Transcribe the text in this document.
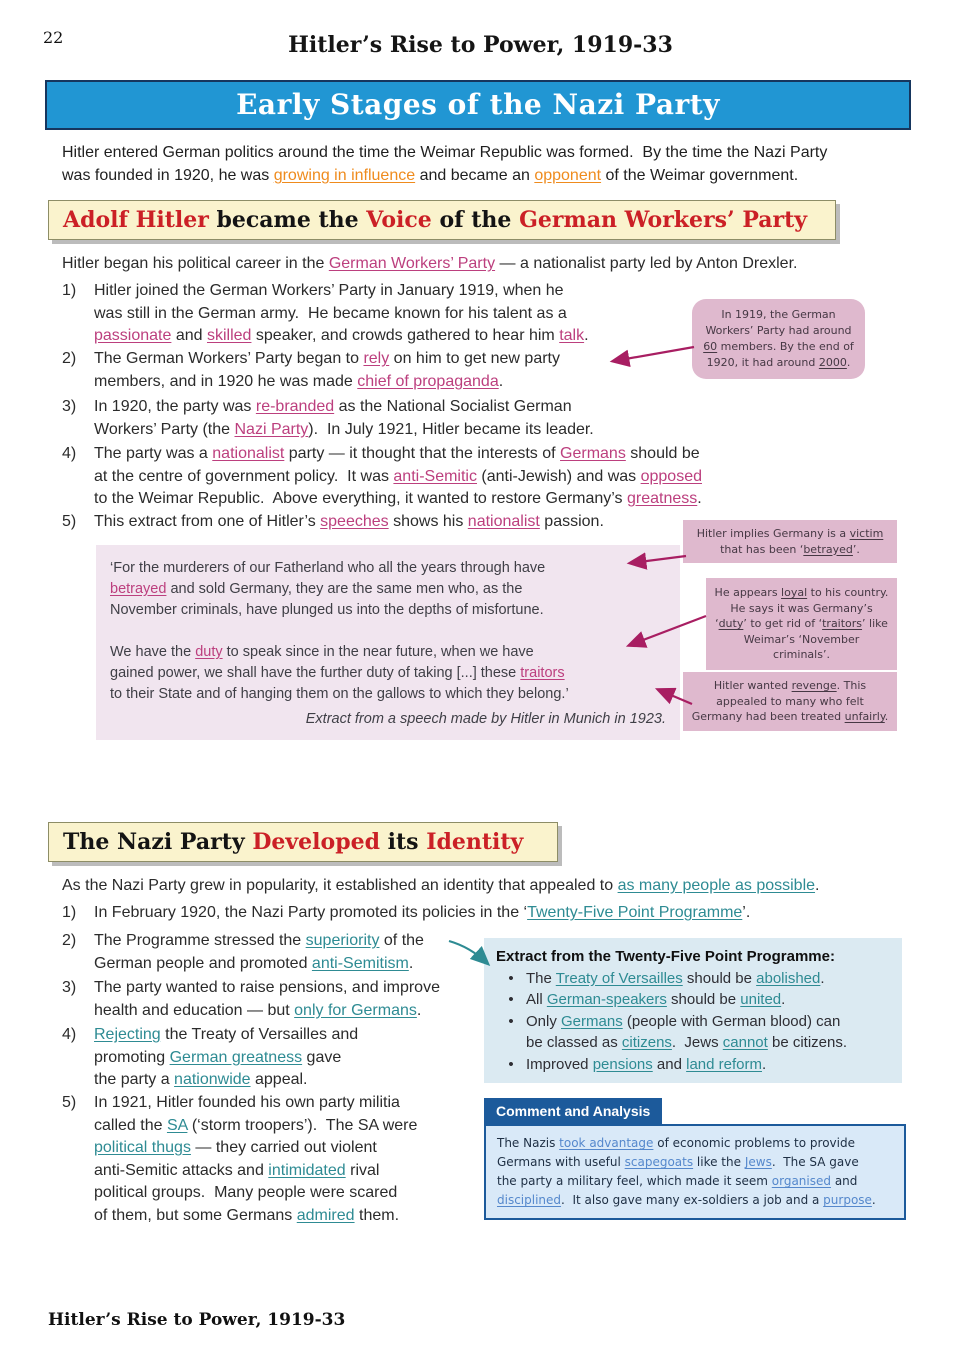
22	Hitler’s Rise to Power, 1919-33
Early Stages of the Nazi Party
Hitler entered German politics around the time the Weimar Republic was formed.  By the time the Nazi Party
was founded in 1920, he was growing in influence and became an opponent of the Weimar government.
Adolf Hitler became the Voice of the German Workers’ Party
Hitler began his political career in the German Workers’ Party — a nationalist party led by Anton Drexler.
1)	Hitler joined the German Workers’ Party in January 1919, when he
was still in the German army.  He became known for his talent as a
passionate and skilled speaker, and crowds gathered to hear him talk.
2)	The German Workers’ Party began to rely on him to get new party
members, and in 1920 he was made chief of propaganda.
3)	In 1920, the party was re-branded as the National Socialist German
Workers’ Party (the Nazi Party).  In July 1921, Hitler became its leader.
4)	The party was a nationalist party — it thought that the interests of Germans should be
at the centre of government policy.  It was anti-Semitic (anti-Jewish) and was opposed
to the Weimar Republic.  Above everything, it wanted to restore Germany’s greatness.
5)	This extract from one of Hitler’s speeches shows his nationalist passion.
In 1919, the German Workers’ Party had around 60 members. By the end of 1920, it had around 2000.
‘For the murderers of our Fatherland who all the years through have
betrayed and sold Germany, they are the same men who, as the
November criminals, have plunged us into the depths of misfortune.
We have the duty to speak since in the near future, when we have
gained power, we shall have the further duty of taking [...] these traitors
to their State and of hanging them on the gallows to which they belong.’
Extract from a speech made by Hitler in Munich in 1923.
Hitler implies Germany is a victim that has been ‘betrayed’.
He appears loyal to his country. He says it was Germany’s ‘duty’ to get rid of ‘traitors’ like Weimar’s ‘November criminals’.
Hitler wanted revenge. This appealed to many who felt Germany had been treated unfairly.
The Nazi Party Developed its Identity
As the Nazi Party grew in popularity, it established an identity that appealed to as many people as possible.
1)	In February 1920, the Nazi Party promoted its policies in the ‘Twenty-Five Point Programme’.
2)	The Programme stressed the superiority of the
German people and promoted anti-Semitism.
3)	The party wanted to raise pensions, and improve
health and education — but only for Germans.
4)	Rejecting the Treaty of Versailles and
promoting German greatness gave
the party a nationwide appeal.
5)	In 1921, Hitler founded his own party militia
called the SA (‘storm troopers’).  The SA were
political thugs — they carried out violent
anti-Semitic attacks and intimidated rival
political groups.  Many people were scared
of them, but some Germans admired them.
Extract from the Twenty-Five Point Programme:
• The Treaty of Versailles should be abolished.
• All German-speakers should be united.
• Only Germans (people with German blood) can
be classed as citizens.  Jews cannot be citizens.
• Improved pensions and land reform.
Comment and Analysis
The Nazis took advantage of economic problems to provide
Germans with useful scapegoats like the Jews.  The SA gave
the party a military feel, which made it seem organised and
disciplined.  It also gave many ex-soldiers a job and a purpose.
Hitler’s Rise to Power, 1919-33
